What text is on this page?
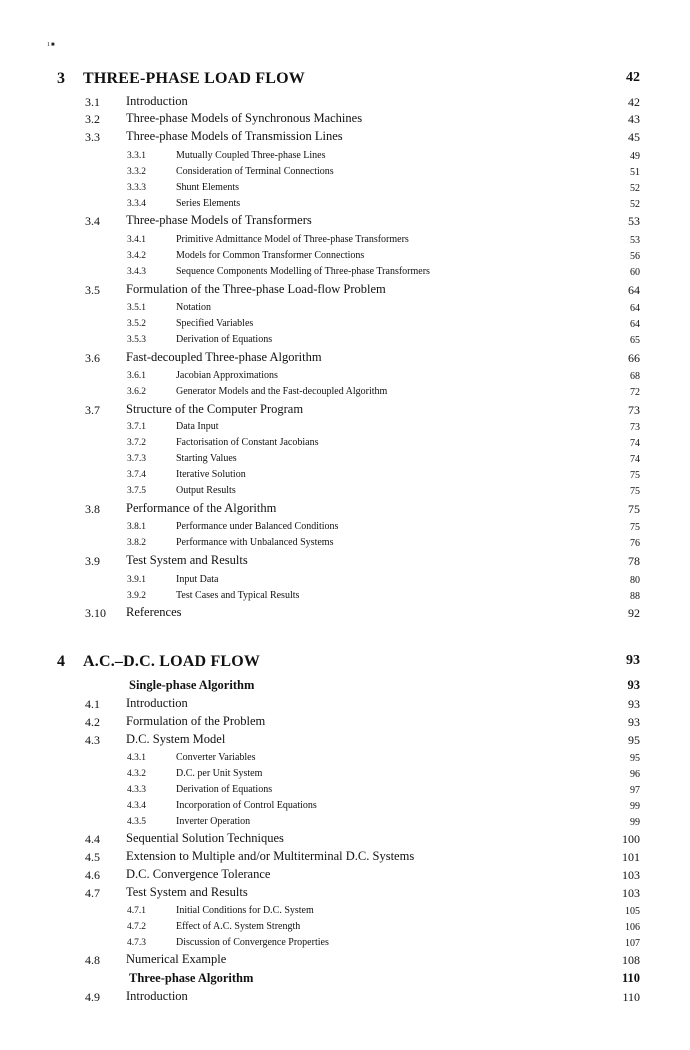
1■
3 THREE-PHASE LOAD FLOW	42
3.1 Introduction	42
3.2 Three-phase Models of Synchronous Machines	43
3.3 Three-phase Models of Transmission Lines	45
3.3.1	Mutually Coupled Three-phase Lines	49
3.3.2	Consideration of Terminal Connections	51
3.3.3	Shunt Elements	52
3.3.4	Series Elements	52
3.4 Three-phase Models of Transformers	53
3.4.1	Primitive Admittance Model of Three-phase Transformers	53
3.4.2	Models for Common Transformer Connections	56
3.4.3	Sequence Components Modelling of Three-phase Transformers	60
3.5 Formulation of the Three-phase Load-flow Problem	64
3.5.1	Notation	64
3.5.2	Specified Variables	64
3.5.3	Derivation of Equations	65
3.6 Fast-decoupled Three-phase Algorithm	66
3.6.1	Jacobian Approximations	68
3.6.2	Generator Models and the Fast-decoupled Algorithm	72
3.7 Structure of the Computer Program	73
3.7.1	Data Input	73
3.7.2	Factorisation of Constant Jacobians	74
3.7.3	Starting Values	74
3.7.4	Iterative Solution	75
3.7.5	Output Results	75
3.8 Performance of the Algorithm	75
3.8.1	Performance under Balanced Conditions	75
3.8.2	Performance with Unbalanced Systems	76
3.9 Test System and Results	78
3.9.1	Input Data	80
3.9.2	Test Cases and Typical Results	88
3.10 References	92
4 A.C.–D.C. LOAD FLOW	93
Single-phase Algorithm	93
4.1 Introduction	93
4.2 Formulation of the Problem	93
4.3 D.C. System Model	95
4.3.1	Converter Variables	95
4.3.2	D.C. per Unit System	96
4.3.3	Derivation of Equations	97
4.3.4	Incorporation of Control Equations	99
4.3.5	Inverter Operation	99
4.4 Sequential Solution Techniques	100
4.5 Extension to Multiple and/or Multiterminal D.C. Systems	101
4.6 D.C. Convergence Tolerance	103
4.7 Test System and Results	103
4.7.1	Initial Conditions for D.C. System	105
4.7.2	Effect of A.C. System Strength	106
4.7.3	Discussion of Convergence Properties	107
4.8 Numerical Example	108
Three-phase Algorithm	110
4.9 Introduction	110
